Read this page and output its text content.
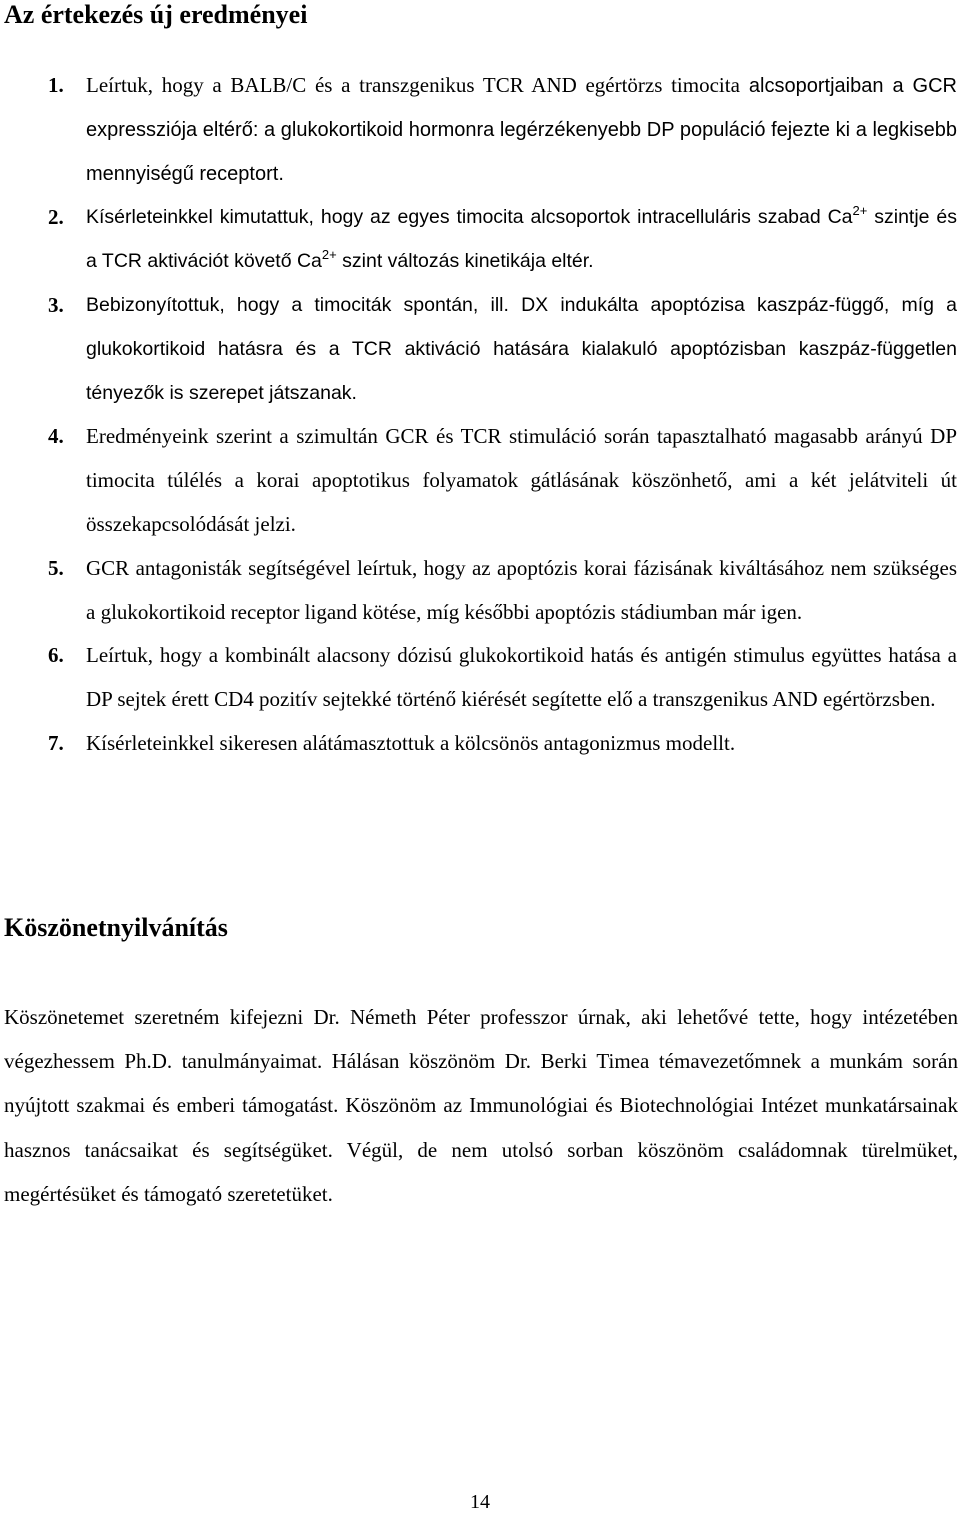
Az értekezés új eredményei
1. Leírtuk, hogy a BALB/C és a transzgenikus TCR AND egértörzs timocita alcsoportjaiban a GCR expressziója eltérő: a glukokortikoid hormonra legérzékenyebb DP populáció fejezte ki a legkisebb mennyiségű receptort.
2. Kísérleteinkkel kimutattuk, hogy az egyes timocita alcsoportok intracelluláris szabad $Ca^{2+}$ szintje és a TCR aktivációt követő $Ca^{2+}$ szint változás kinetikája eltér.
3. Bebizonyítottuk, hogy a timociták spontán, ill. DX indukálta apoptózisa kaszpáz-függő, míg a glukokortikoid hatásra és a TCR aktiváció hatására kialakuló apoptózisban kaszpáz-független tényezők is szerepet játszanak.
4. Eredményeink szerint a szimultán GCR és TCR stimuláció során tapasztalható magasabb arányú DP timocita túlélés a korai apoptotikus folyamatok gátlásának köszönhető, ami a két jelátviteli út összekapcsolódását jelzi.
5. GCR antagonisták segítségével leírtuk, hogy az apoptózis korai fázisának kiváltásához nem szükséges a glukokortikoid receptor ligand kötése, míg későbbi apoptózis stádiumban már igen.
6. Leírtuk, hogy a kombinált alacsony dózisú glukokortikoid hatás és antigén stimulus együttes hatása a DP sejtek érett CD4 pozitív sejtekké történő kiérését segítette elő a transzgenikus AND egértörzsben.
7. Kísérleteinkkel sikeresen alátámasztottuk a kölcsönös antagonizmus modellt.
Köszönetnyilvánítás

Köszönetemet szeretném kifejezni Dr. Németh Péter professzor úrnak, aki lehetővé tette, hogy intézetében végezhessem Ph.D. tanulmányaimat. Hálásan köszönöm Dr. Berki Timea témavezetőmnek a munkám során nyújtott szakmai és emberi támogatást. Köszönöm az Immunológiai és Biotechnológiai Intézet munkatársainak hasznos tanácsaikat és segítségüket. Végül, de nem utolsó sorban köszönöm családomnak türelmüket, megértésüket és támogató szeretetüket.

14
